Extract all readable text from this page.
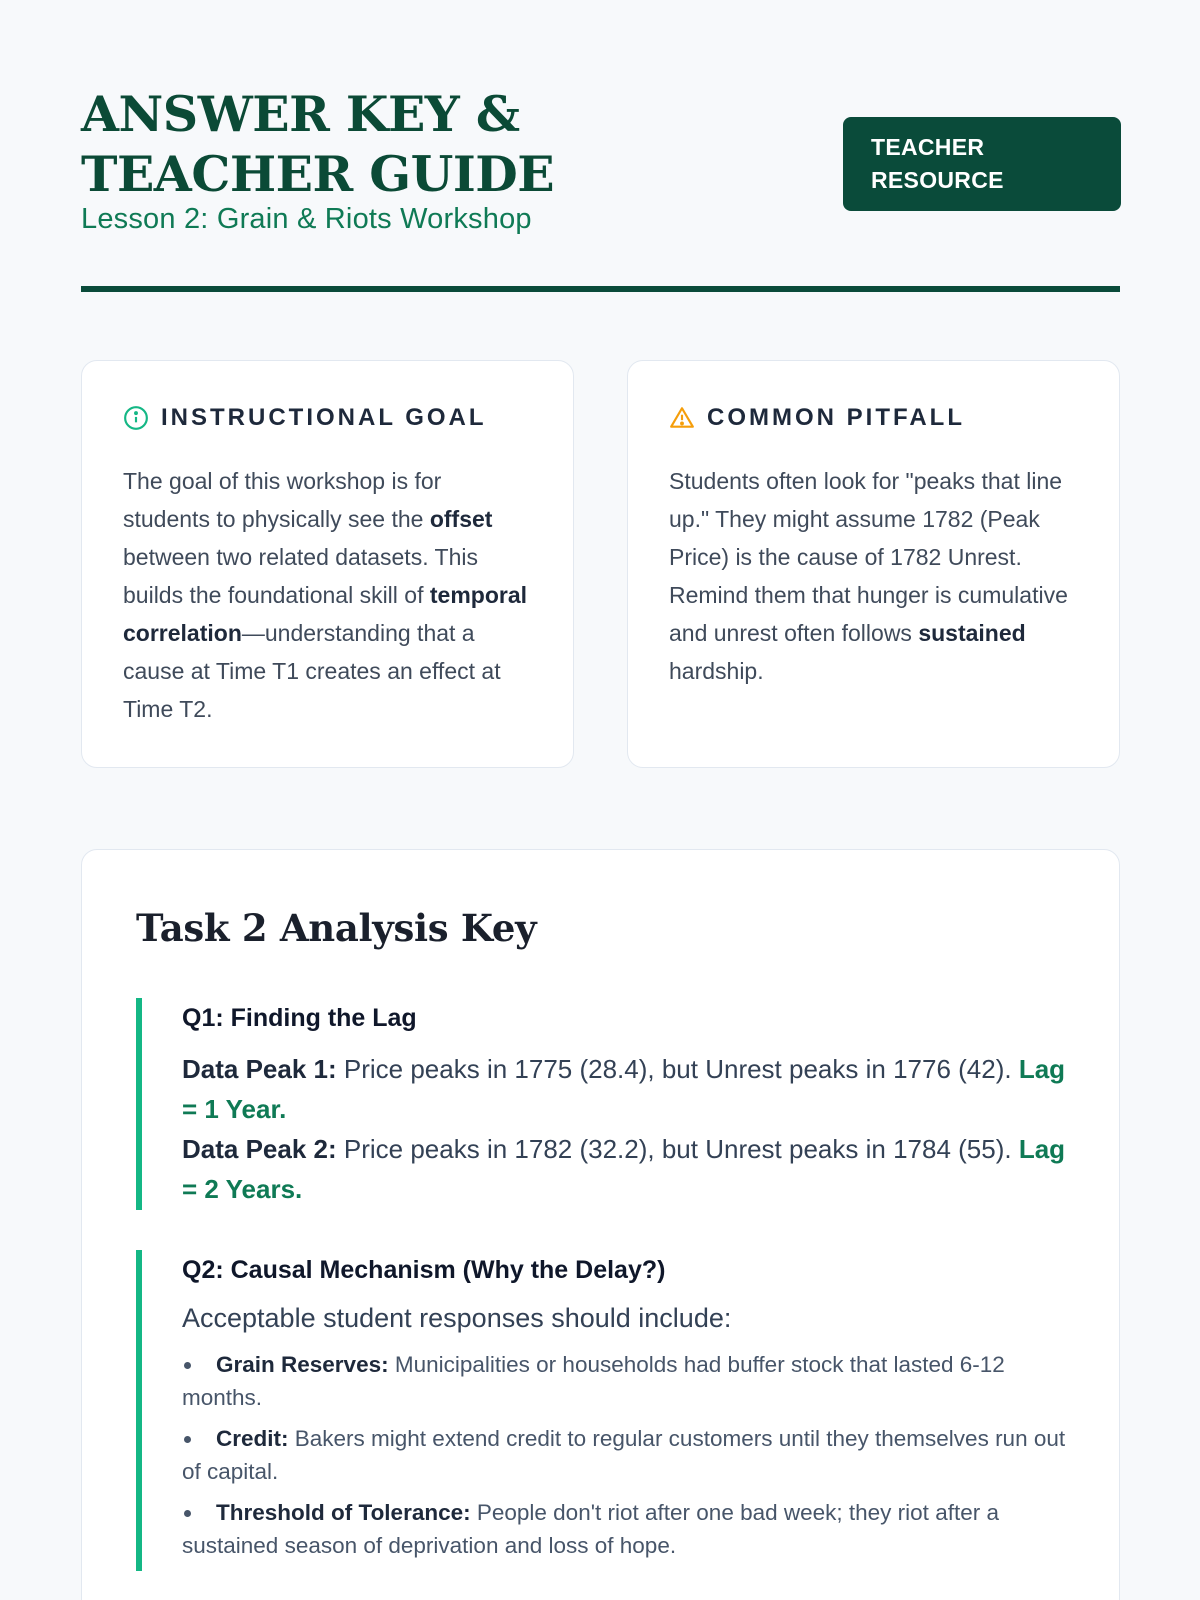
ANSWER KEY & TEACHER GUIDE
Lesson 2: Grain & Riots Workshop
TEACHER RESOURCE
INSTRUCTIONAL GOAL

The goal of this workshop is for students to physically see the offset between two related datasets. This builds the foundational skill of temporal correlation—understanding that a cause at Time T1 creates an effect at Time T2.

COMMON PITFALL

Students often look for "peaks that line up." They might assume 1782 (Peak Price) is the cause of 1782 Unrest. Remind them that hunger is cumulative and unrest often follows sustained hardship.

Task 2 Analysis Key
Q1: Finding the Lag
Data Peak 1: Price peaks in 1775 (28.4), but Unrest peaks in 1776 (42). Lag = 1 Year.
Data Peak 2: Price peaks in 1782 (32.2), but Unrest peaks in 1784 (55). Lag = 2 Years.
Q2: Causal Mechanism (Why the Delay?)
Acceptable student responses should include:
Grain Reserves: Municipalities or households had buffer stock that lasted 6-12 months.
Credit: Bakers might extend credit to regular customers until they themselves run out of capital.
Threshold of Tolerance: People don't riot after one bad week; they riot after a sustained season of deprivation and loss of hope.
